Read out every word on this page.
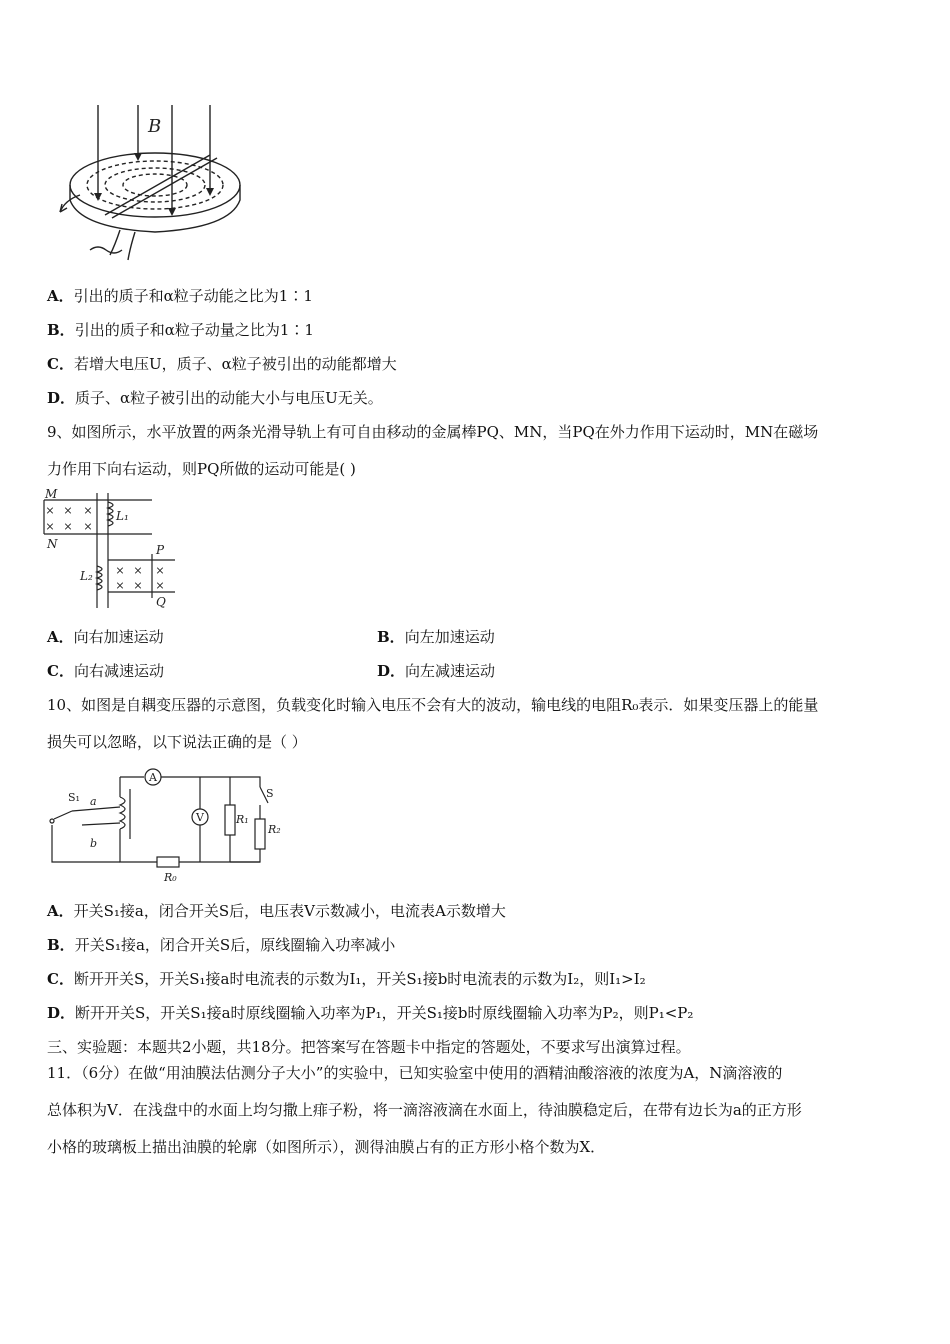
B
A．引出的质子和α粒子动能之比为1∶1
B．引出的质子和α粒子动量之比为1∶1
C．若增大电压U，质子、α粒子被引出的动能都增大
D．质子、α粒子被引出的动能大小与电压U无关。
9、如图所示，水平放置的两条光滑导轨上有可自由移动的金属棒PQ、MN，当PQ在外力作用下运动时，MN在磁场
力作用下向右运动，则PQ所做的运动可能是( )
× × ×
× × ×
× × ×
× × ×
M
N
L₁
L₂
P
Q
A．向右加速运动	B．向左加速运动
C．向右减速运动	D．向左减速运动
10、如图是自耦变压器的示意图，负载变化时输入电压不会有大的波动，输电线的电阻R₀表示．如果变压器上的能量
损失可以忽略，以下说法正确的是（ ）
A
V
S₁ a
b
R₁
R₂
S
R₀
A．开关S₁接a，闭合开关S后，电压表V示数减小，电流表A示数增大
B．开关S₁接a，闭合开关S后，原线圈输入功率减小
C．断开开关S，开关S₁接a时电流表的示数为I₁，开关S₁接b时电流表的示数为I₂，则I₁>I₂
D．断开开关S，开关S₁接a时原线圈输入功率为P₁，开关S₁接b时原线圈输入功率为P₂，则P₁<P₂
三、实验题：本题共2小题，共18分。把答案写在答题卡中指定的答题处，不要求写出演算过程。
11．（6分）在做“用油膜法估测分子大小”的实验中，已知实验室中使用的酒精油酸溶液的浓度为A，N滴溶液的
总体积为V．在浅盘中的水面上均匀撒上痱子粉，将一滴溶液滴在水面上，待油膜稳定后，在带有边长为a的正方形
小格的玻璃板上描出油膜的轮廓（如图所示），测得油膜占有的正方形小格个数为X．
